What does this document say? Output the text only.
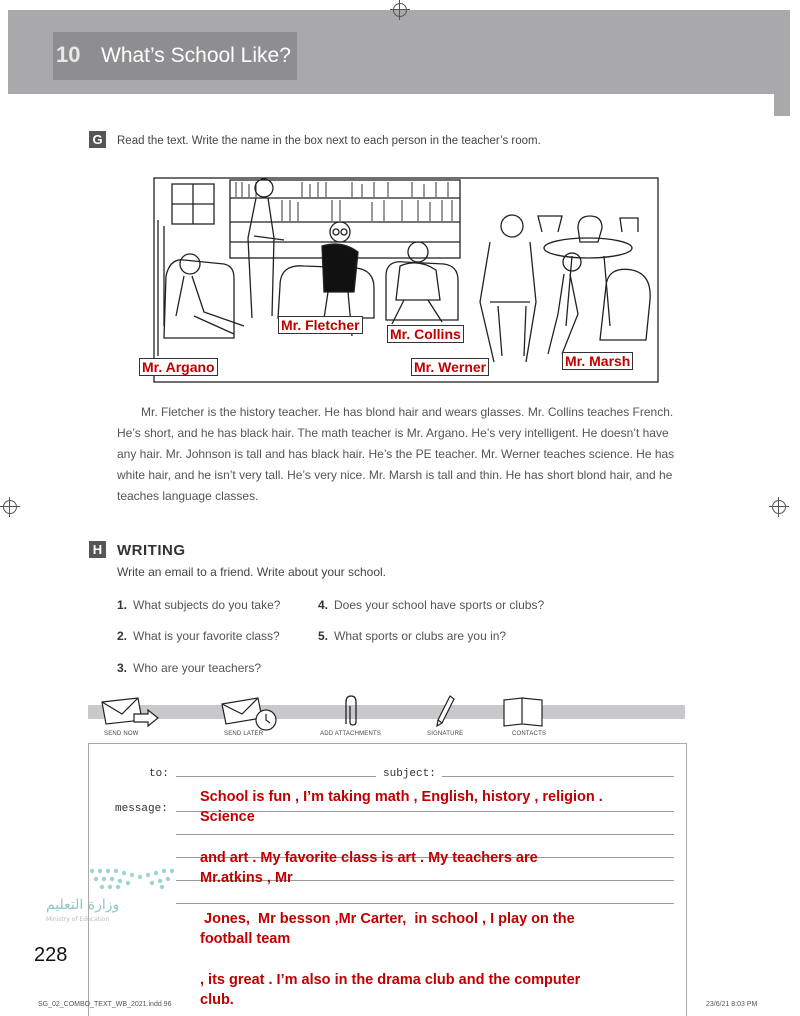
10 What’s School Like?
G Read the text. Write the name in the box next to each person in the teacher’s room.
Mr. Fletcher
Mr. Collins
Mr. Argano	Mr. Werner	Mr. Marsh
Mr. Fletcher is the history teacher. He has blond hair and wears glasses. Mr. Collins teaches French. He’s short, and he has black hair. The math teacher is Mr. Argano. He’s very intelligent. He doesn’t have any hair. Mr. Johnson is tall and has black hair. He’s the PE teacher. Mr. Werner teaches science. He has white hair, and he isn’t very tall. He’s very nice. Mr. Marsh is tall and thin. He has short blond hair, and he teaches language classes.
H WRITING
Write an email to a friend. Write about your school.
1. What subjects do you take?
2. What is your favorite class?
3. Who are your teachers?
4. Does your school have sports or clubs?
5. What sports or clubs are you in?
SEND NOW	SEND LATER	ADD ATTACHMENTS	SIGNATURE	CONTACTS
to:	subject:
message:
School is fun , I’m taking math , English, history , religion .
Science
and art . My favorite class is art . My teachers are
Mr.atkins , Mr
Jones,  Mr besson ,Mr Carter,  in school , I play on the
football team
, its great . I’m also in the drama club and the computer
club.
وزارة التعليم
Ministry of Education
228
SG_02_COMBO_TEXT_WB_2021.indd 96	23/6/21 8:03 PM
